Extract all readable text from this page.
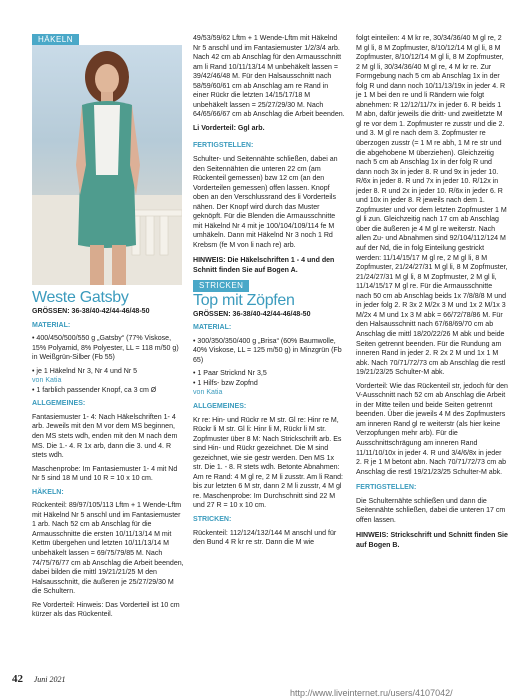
HÄKELN
Weste Gatsby

GRÖSSEN: 36-38/40-42/44-46/48-50

MATERIAL:

• 400/450/500/550 g „Gatsby“ (77% Viskose, 15% Polyamid, 8% Polyester, LL = 118 m/50 g) in Weißgrün-Silber (Fb 55)

• je 1 Häkelnd Nr 3, Nr 4 und Nr 5

von Katia

• 1 farblich passender Knopf, ca 3 cm Ø

ALLGEMEINES:

Fantasiemuster 1- 4: Nach Häkelschriften 1- 4 arb. Jeweils mit den M vor dem MS beginnen, den MS stets wdh, enden mit den M nach dem MS. Die 1.- 4. R 1x arb, dann die 3. und 4. R stets wdh.

Maschenprobe: Im Fantasiemuster 1- 4 mit Nd Nr 5 sind 18 M und 10 R = 10 x 10 cm.

HÄKELN:

Rückenteil: 89/97/105/113 Lftm + 1 Wende-Lftm mit Häkelnd Nr 5 anschl und im Fantasiemuster 1 arb. Nach 52 cm ab Anschlag für die Armausschnitte die ersten 10/11/13/14 M mit Kettm übergehen und letzten 10/11/13/14 M unbehäkelt lassen = 69/75/79/85 M. Nach 74/75/76/77 cm ab Anschlag die Arbeit beenden, dabei bilden die mittl 19/21/21/25 M den Halsausschnitt, die äußeren je 25/27/29/30 M die Schultern.

Re Vorderteil: Hinweis: Das Vorderteil ist 10 cm kürzer als das Rückenteil.

49/53/59/62 Lftm + 1 Wende-Lftm mit Häkelnd Nr 5 anschl und im Fantasiemuster 1/2/3/4 arb. Nach 42 cm ab Anschlag für den Armausschnitt am li Rand 10/11/13/14 M unbehäkelt lassen = 39/42/46/48 M. Für den Halsausschnitt nach 58/59/60/61 cm ab Anschlag am re Rand in einer Rückr die letzten 14/15/17/18 M unbehäkelt lassen = 25/27/29/30 M. Nach 64/65/66/67 cm ab Anschlag die Arbeit beenden.

Li Vorderteil: Ggl arb.

FERTIGSTELLEN:

Schulter- und Seitennähte schließen, dabei an den Seitennähten die unteren 22 cm (am Rückenteil gemessen) bzw 12 cm (an den Vorderteilen gemessen) offen lassen. Knopf oben an den Verschlussrand des li Vorderteils nähen. Der Knopf wird durch das Muster geknöpft. Für die Blenden die Armausschnitte mit Häkelnd Nr 4 mit je 100/104/109/114 fe M umhäkeln. Dann mit Häkelnd Nr 3 noch 1 Rd Krebsm (fe M von li nach re) arb.

HINWEIS: Die Häkelschriften 1 - 4 und den Schnitt finden Sie auf Bogen A.

STRICKEN
Top mit Zöpfen

GRÖSSEN: 36-38/40-42/44-46/48-50

MATERIAL:

• 300/350/350/400 g „Brisa“ (60% Baumwolle, 40% Viskose, LL = 125 m/50 g) in Minzgrün (Fb 65)

• 1 Paar Stricknd Nr 3,5

• 1 Hilfs- bzw Zopfnd

von Katia

ALLGEMEINES:

Kr re: Hin- und Rückr re M str. Gl re: Hinr re M, Rückr li M str. Gl li: Hinr li M, Rückr li M str. Zopfmuster über 8 M: Nach Strickschrift arb. Es sind Hin- und Rückr gezeichnet. Die M sind gezeichnet, wie sie gestr werden. Den MS 1x str. Die 1. - 8. R stets wdh. Betonte Abnahmen: Am re Rand: 4 M gl re, 2 M li zusstr. Am li Rand: bis zur letzten 6 M str, dann 2 M li zusstr, 4 M gl re. Maschenprobe: Im Durchschnitt sind 22 M und 27 R = 10 x 10 cm.

STRICKEN:

Rückenteil: 112/124/132/144 M anschl und für den Bund 4 R kr re str. Dann die M wie

folgt einteilen: 4 M kr re, 30/34/36/40 M gl re, 2 M gl li, 8 M Zopfmuster, 8/10/12/14 M gl li, 8 M Zopfmuster, 8/10/12/14 M gl li, 8 M Zopfmuster, 2 M gl li, 30/34/36/40 M gl re, 4 M kr re. Zur Formgebung nach 5 cm ab Anschlag 1x in der folg R und dann noch 10/11/13/19x in jeder 4. R je 1 M bei den re und li Rändern wie folgt abnehmen: R 12/12/11/7x in jeder 6. R beids 1 M abn, dafür jeweils die dritt- und zweitletzte M gl re vor dem 1. Zopfmuster re zusstr und die 2. und 3. M gl re nach dem 3. Zopfmuster re überzogen zusstr (= 1 M re abh, 1 M re str und die abgehobene M überziehen). Gleichzeitig nach 5 cm ab Anschlag 1x in der folg R und dann noch 3x in jeder 8. R und 9x in jeder 10. R/6x in jeder 8. R und 7x in jeder 10. R/12x in jeder 8. R und 2x in jeder 10. R/6x in jeder 6. R und 10x in jeder 8. R jeweils nach dem 1. Zopfmuster und vor dem letzten Zopfmuster 1 M gl li zun. Gleichzeitig nach 17 cm ab Anschlag über die äußeren je 4 M gl re weiterstr. Nach allen Zu- und Abnahmen sind 92/104/112/124 M auf der Nd, die in folg Einteilung gestrickt werden: 11/14/15/17 M gl re, 2 M gl li, 8 M Zopfmuster, 21/24/27/31 M gl li, 8 M Zopfmuster, 21/24/27/31 M gl li, 8 M Zopfmuster, 2 M gl li, 11/14/15/17 M gl re. Für die Armausschnitte nach 50 cm ab Anschlag beids 1x 7/8/8/8 M und in jeder folg 2. R 3x 2 M/2x 3 M und 1x 2 M/1x 3 M/2x 4 M und 1x 3 M abk = 66/72/78/86 M. Für den Halsausschnitt nach 67/68/69/70 cm ab Anschlag die mittl 18/20/22/26 M abk und beide Seiten getrennt beenden. Für die Rundung am inneren Rand in jeder 2. R 2x 2 M und 1x 1 M abk. Nach 70/71/72/73 cm ab Anschlag die restl 19/21/23/25 Schulter-M abk.

Vorderteil: Wie das Rückenteil str, jedoch für den V-Ausschnitt nach 52 cm ab Anschlag die Arbeit in der Mitte teilen und beide Seiten getrennt beenden. Über die jeweils 4 M des Zopfmusters am inneren Rand gl re weiterstr (als hier keine Verzopfungen mehr arb). Für die Ausschnittschrägung am inneren Rand 11/11/10/10x in jeder 4. R und 3/4/6/8x in jeder 2. R je 1 M betont abn. Nach 70/71/72/73 cm ab Anschlag die restl 19/21/23/25 Schulter-M abk.

FERTIGSTELLEN:

Die Schulternähte schließen und dann die Seitennähte schließen, dabei die unteren 17 cm offen lassen.

HINWEIS: Strickschrift und Schnitt finden Sie auf Bogen B.

42 Juni 2021
http://www.liveinternet.ru/users/4107042/
